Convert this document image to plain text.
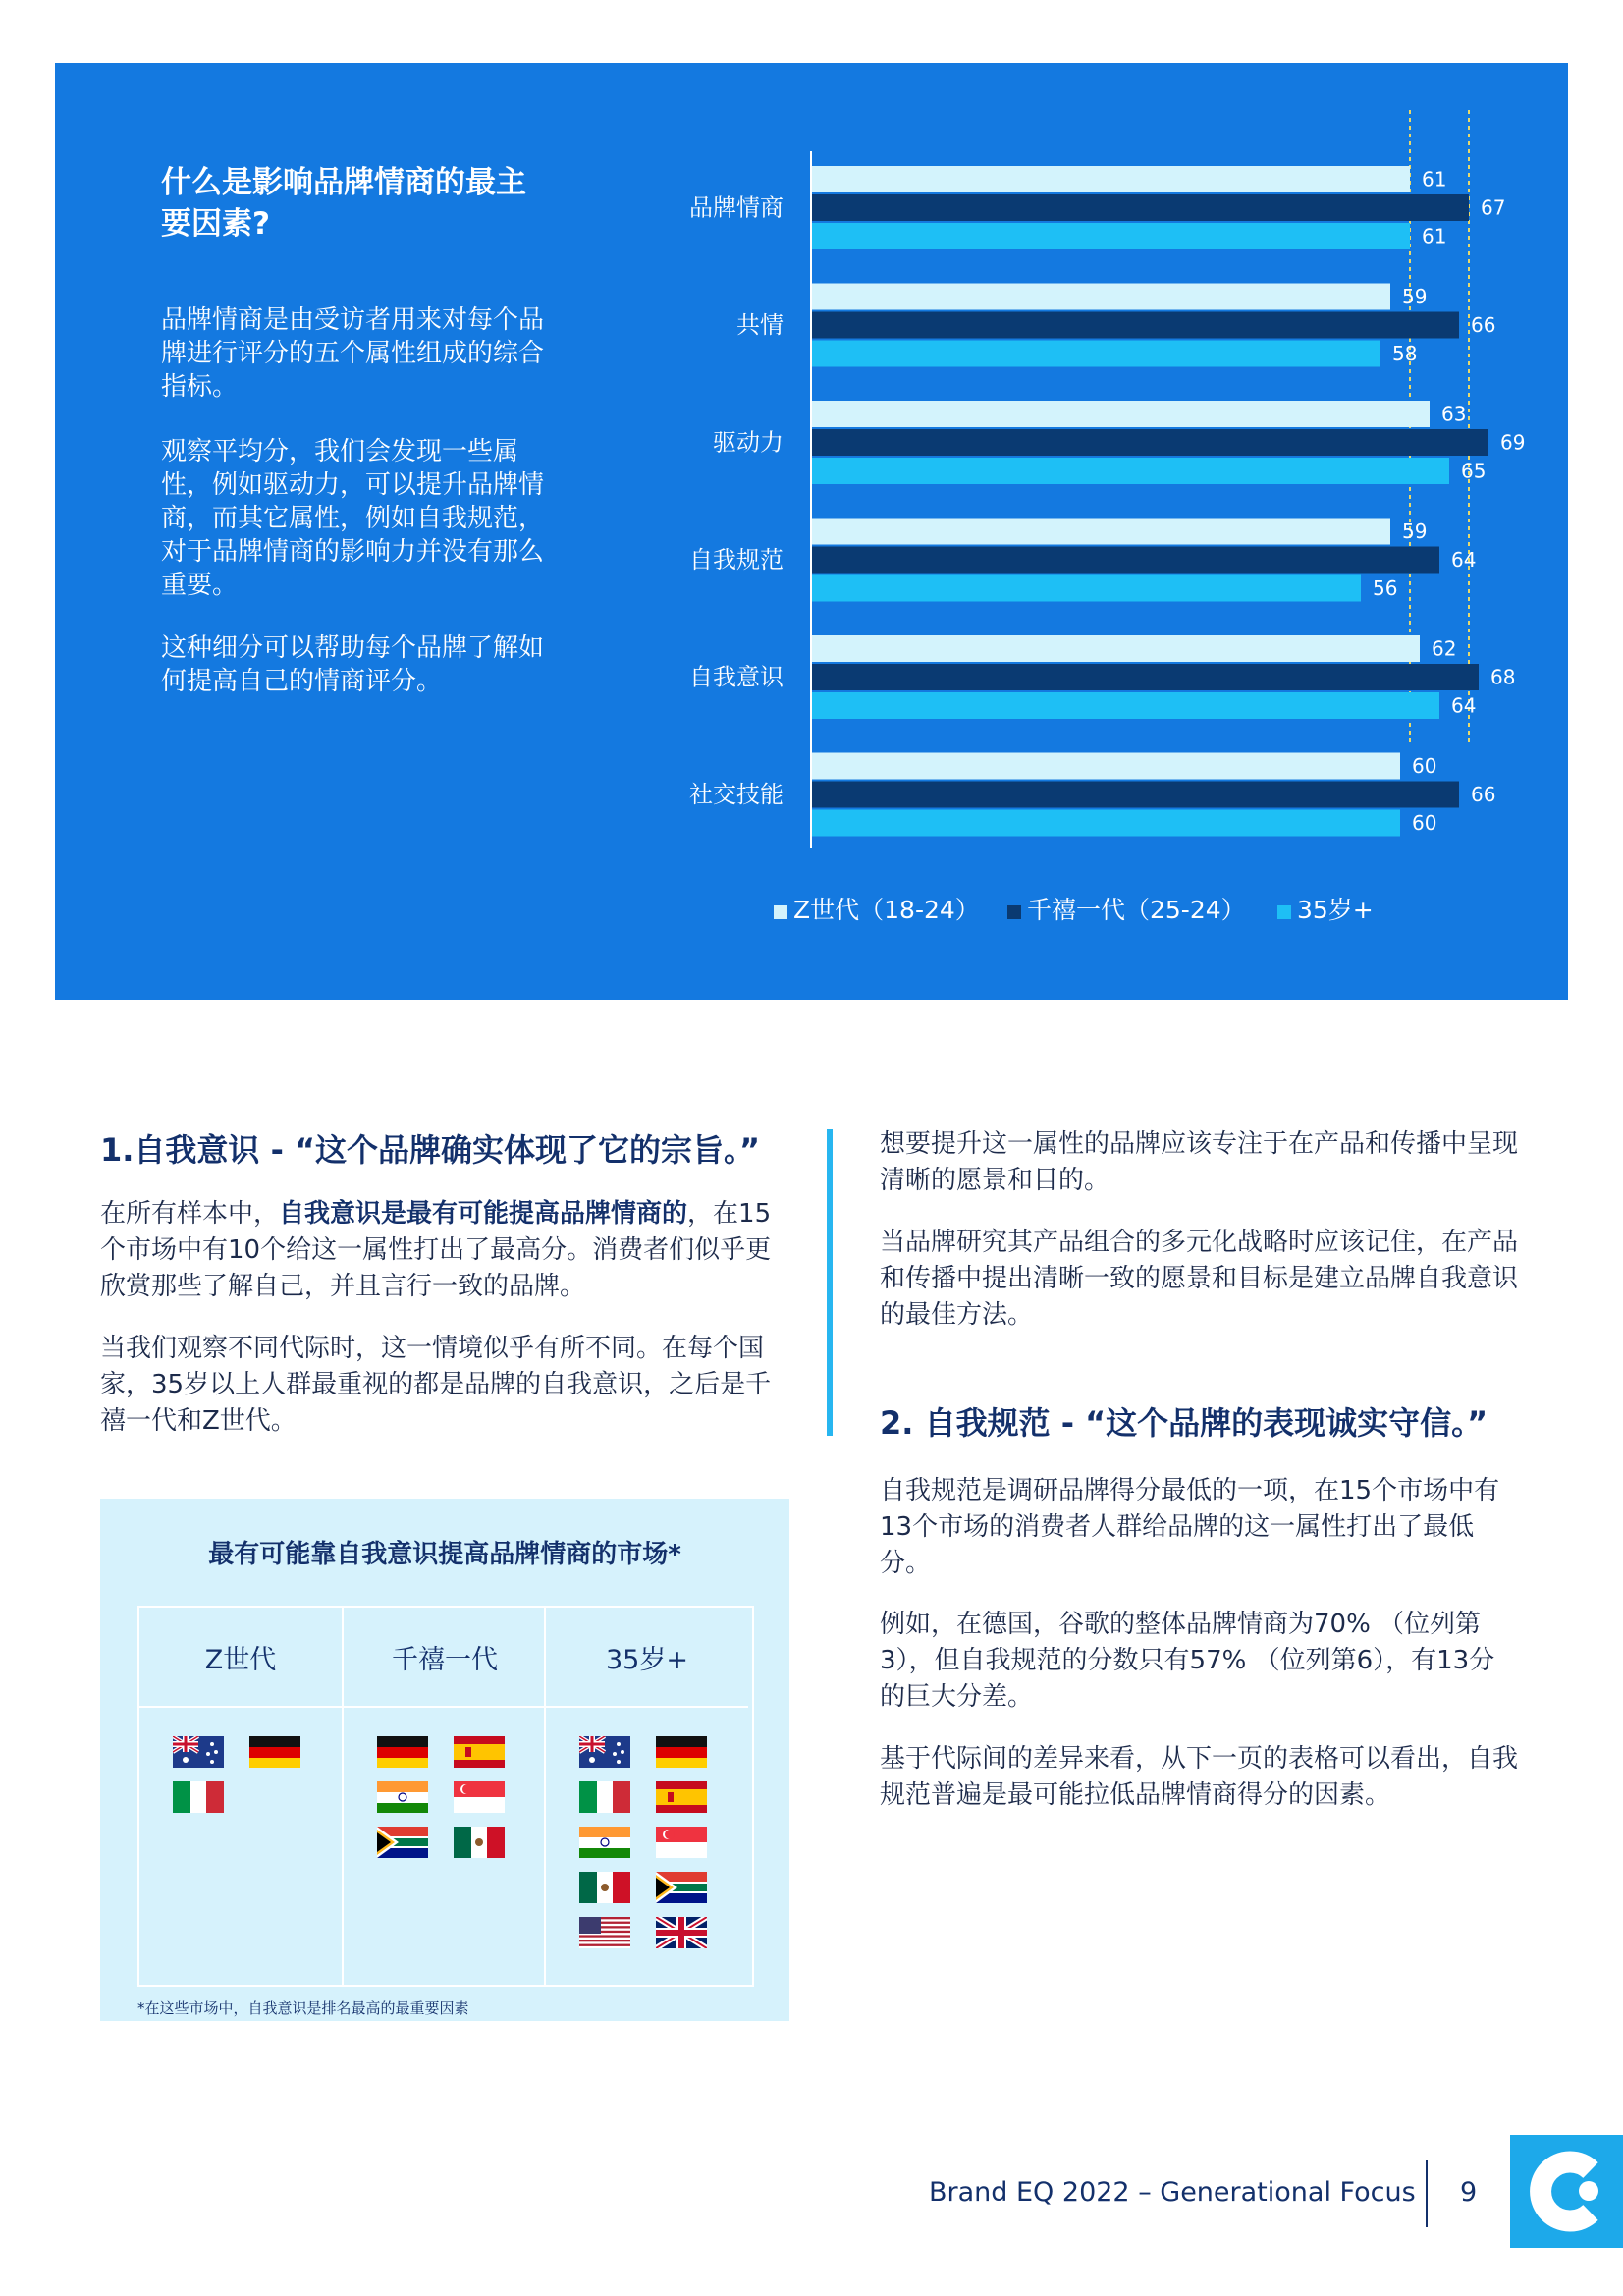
什么是影响品牌情商的最主要因素?
品牌情商是由受访者用来对每个品牌进行评分的五个属性组成的综合指标。
观察平均分，我们会发现一些属性，例如驱动力，可以提升品牌情商，而其它属性，例如自我规范，对于品牌情商的影响力并没有那么重要。
这种细分可以帮助每个品牌了解如何提高自己的情商评分。
品牌情商
61
67
61
共情
59
66
58
驱动力
63
69
65
自我规范
59
64
56
自我意识
62
68
64
社交技能
60
66
60
Z世代（18-24） 千禧一代（25-24） 35岁+
1.自我意识 - “这个品牌确实体现了它的宗旨。”
在所有样本中，自我意识是最有可能提高品牌情商的，在15个市场中有10个给这一属性打出了最高分。消费者们似乎更欣赏那些了解自己，并且言行一致的品牌。
当我们观察不同代际时，这一情境似乎有所不同。在每个国家，35岁以上人群最重视的都是品牌的自我意识，之后是千禧一代和Z世代。
想要提升这一属性的品牌应该专注于在产品和传播中呈现清晰的愿景和目的。
当品牌研究其产品组合的多元化战略时应该记住，在产品和传播中提出清晰一致的愿景和目标是建立品牌自我意识的最佳方法。
2. 自我规范 - “这个品牌的表现诚实守信。”
自我规范是调研品牌得分最低的一项，在15个市场中有13个市场的消费者人群给品牌的这一属性打出了最低分。
例如，在德国，谷歌的整体品牌情商为70% （位列第3），但自我规范的分数只有57% （位列第6），有13分的巨大分差。
基于代际间的差异来看，从下一页的表格可以看出，自我规范普遍是最可能拉低品牌情商得分的因素。
最有可能靠自我意识提高品牌情商的市场*
Z世代	千禧一代	35岁+
*在这些市场中，自我意识是排名最高的最重要因素
Brand EQ 2022 – Generational Focus 9
